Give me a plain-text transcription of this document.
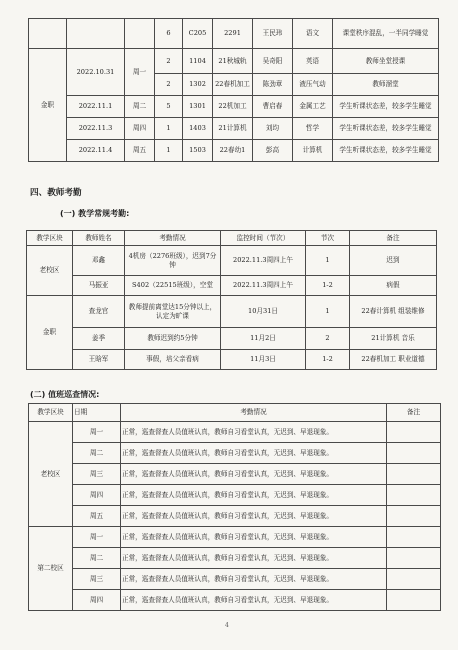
			6	C205	2291	王民玮	语文	课堂秩序混乱，一半同学睡觉
金职	2022.10.31	周一	2	1104	21秋城轨	吴奇阳	英语	教师坐堂授课
			2	1302	22春机加工	陈劲章	液压气动	教师溜堂
	2022.11.1	周二	5	1301	22机加工	曹启春	金属工艺	学生听课状态差，较多学生睡觉
	2022.11.3	周四	1	1403	21计算机	刘均	哲学	学生听课状态差，较多学生睡觉
	2022.11.4	周五	1	1503	22春幼1	彭高	计算机	学生听课状态差，较多学生睡觉
四、教师考勤
(一) 教学常规考勤:
教学区块	教师姓名	考勤情况	监控时间（节次）	节次	备注
老校区	邓鑫	4机房（2276班级），迟到7分钟	2022.11.3周四上午	1	迟到
	马振亚	S402（22515班级），空堂	2022.11.3周四上午	1-2	病假
金职	查龙官	教师提前离堂达15分钟以上，认定为旷课	10月31日	1	22春计算机 组装维修
	姜季	教师迟到约5分钟	11月2日	2	21计算机 音乐
	王晗军	事假，培父亲看病	11月3日	1-2	22春机加工 职业道德
(二) 值班巡查情况:
教学区块	日期	考勤情况	备注
老校区	周一	正常，巡查督查人员值班认真，教师自习看堂认真，无迟到、早退现象。	
	周二	正常，巡查督查人员值班认真，教师自习看堂认真，无迟到、早退现象。	
	周三	正常，巡查督查人员值班认真，教师自习看堂认真，无迟到、早退现象。	
	周四	正常，巡查督查人员值班认真，教师自习看堂认真，无迟到、早退现象。	
	周五	正常，巡查督查人员值班认真，教师自习看堂认真，无迟到、早退现象。	
第二校区	周一	正常，巡查督查人员值班认真，教师自习看堂认真，无迟到、早退现象。	
	周二	正常，巡查督查人员值班认真，教师自习看堂认真，无迟到、早退现象。	
	周三	正常，巡查督查人员值班认真，教师自习看堂认真，无迟到、早退现象。	
	周四	正常，巡查督查人员值班认真，教师自习看堂认真，无迟到、早退现象。	
4
